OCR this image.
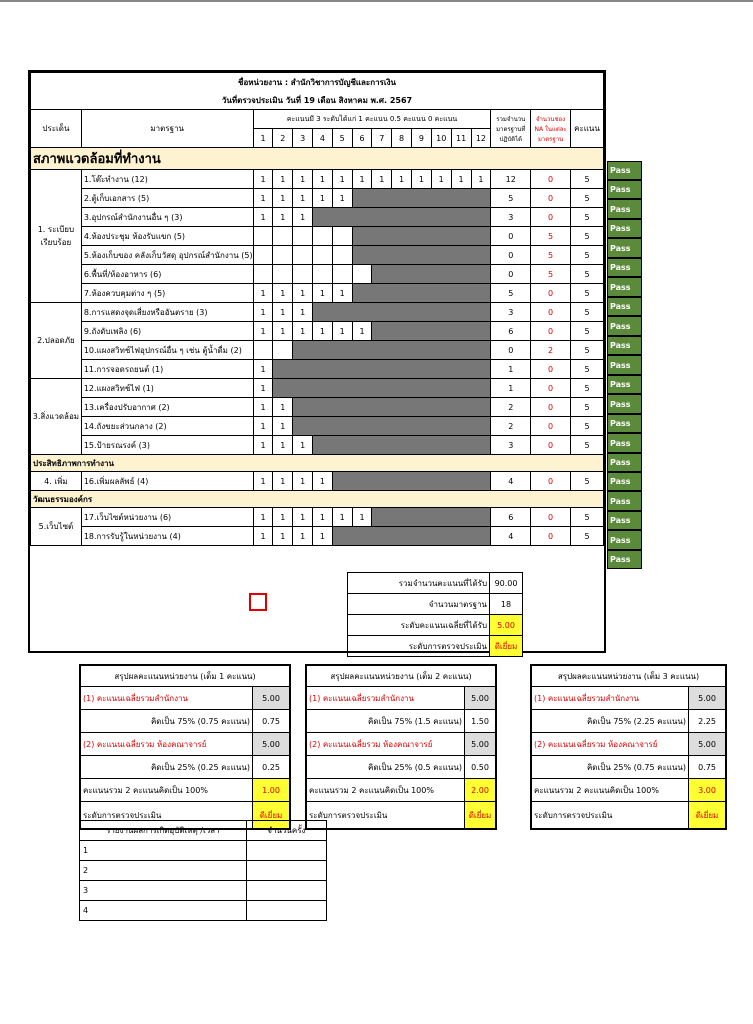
ชื่อหน่วยงาน : สำนักวิชาการบัญชีและการเงิน																
วันที่ตรวจประเมิน วันที่ 19 เดือน สิงหาคม พ.ศ. 2567																
ประเด็น	มาตรฐาน	คะแนนมี 3 ระดับได้แก่ 1 คะแนน 0.5 คะแนน 0 คะแนน												รวมจำนวนมาตรฐานที่ปฏิบัติได้	จำนวนช่อง NA ในแต่ละมาตรฐาน	คะแนน
		1	2	3	4	5	6	7	8	9	10	11	12			
สภาพแวดล้อมที่ทำงาน																
1. ระเบียบเรียบร้อย	1.โต๊ะทำงาน (12)	1	1	1	1	1	1	1	1	1	1	1	1	12	0	5
	2.ตู้เก็บเอกสาร (5)	1	1	1	1	1								5	0	5
	3.อุปกรณ์สำนักงานอื่น ๆ (3)	1	1	1										3	0	5
	4.ห้องประชุม ห้องรับแขก (5)													0	5	5
	5.ห้องเก็บของ คลังเก็บวัสดุ อุปกรณ์สำนักงาน (5)													0	5	5
	6.พื้นที่/ห้องอาหาร (6)													0	5	5
	7.ห้องควบคุมต่าง ๆ (5)	1	1	1	1	1								5	0	5
2.ปลอดภัย	8.การแสดงจุดเสี่ยงหรืออันตราย (3)	1	1	1										3	0	5
	9.ถังดับเพลิง (6)	1	1	1	1	1	1							6	0	5
	10.แผงสวิทช์ไฟอุปกรณ์อื่น ๆ เช่น ตู้น้ำดื่ม (2)													0	2	5
	11.การจอดรถยนต์ (1)	1												1	0	5
3.สิ่งแวดล้อม	12.แผงสวิทช์ไฟ (1)	1												1	0	5
	13.เครื่องปรับอากาศ (2)	1	1											2	0	5
	14.ถังขยะส่วนกลาง (2)	1	1											2	0	5
	15.ป้ายรณรงค์ (3)	1	1	1										3	0	5
ประสิทธิภาพการทำงาน																
4. เพิ่ม	16.เพิ่มผลลัพธ์ (4)	1	1	1	1									4	0	5
วัฒนธรรมองค์กร																
5.เว็บไซต์	17.เว็บไซต์หน่วยงาน (6)	1	1	1	1	1	1							6	0	5
	18.การรับรู้ในหน่วยงาน (4)	1	1	1	1									4	0	5
รวมจำนวนคะแนนที่ได้รับ	90.00
จำนวนมาตรฐาน	18
ระดับคะแนนเฉลี่ยที่ได้รับ	5.00
ระดับการตรวจประเมิน	ดีเยี่ยม
Pass
Pass
Pass
Pass
Pass
Pass
Pass
Pass
Pass
Pass
Pass
Pass
Pass
Pass
Pass
Pass
Pass
Pass
Pass
Pass
Pass
สรุปผลคะแนนหน่วยงาน (เต็ม 1 คะแนน)	
(1) คะแนนเฉลี่ยรวมสำนักงาน	5.00
คิดเป็น 75% (0.75 คะแนน)	0.75
(2) คะแนนเฉลี่ยรวม ห้องคณาจารย์	5.00
คิดเป็น 25% (0.25 คะแนน)	0.25
คะแนนรวม 2 คะแนนคิดเป็น 100%	1.00
ระดับการตรวจประเมิน	ดีเยี่ยม
สรุปผลคะแนนหน่วยงาน (เต็ม 2 คะแนน)	
(1) คะแนนเฉลี่ยรวมสำนักงาน	5.00
คิดเป็น 75% (1.5 คะแนน)	1.50
(2) คะแนนเฉลี่ยรวม ห้องคณาจารย์	5.00
คิดเป็น 25% (0.5 คะแนน)	0.50
คะแนนรวม 2 คะแนนคิดเป็น 100%	2.00
ระดับการตรวจประเมิน	ดีเยี่ยม
สรุปผลคะแนนหน่วยงาน (เต็ม 3 คะแนน)	
(1) คะแนนเฉลี่ยรวมสำนักงาน	5.00
คิดเป็น 75% (2.25 คะแนน)	2.25
(2) คะแนนเฉลี่ยรวม ห้องคณาจารย์	5.00
คิดเป็น 25% (0.75 คะแนน)	0.75
คะแนนรวม 2 คะแนนคิดเป็น 100%	3.00
ระดับการตรวจประเมิน	ดีเยี่ยม
รายงานผลการเกิดอุบัติเหตุ /เวลา	จำนวนครั้ง
1	
2	
3	
4	
